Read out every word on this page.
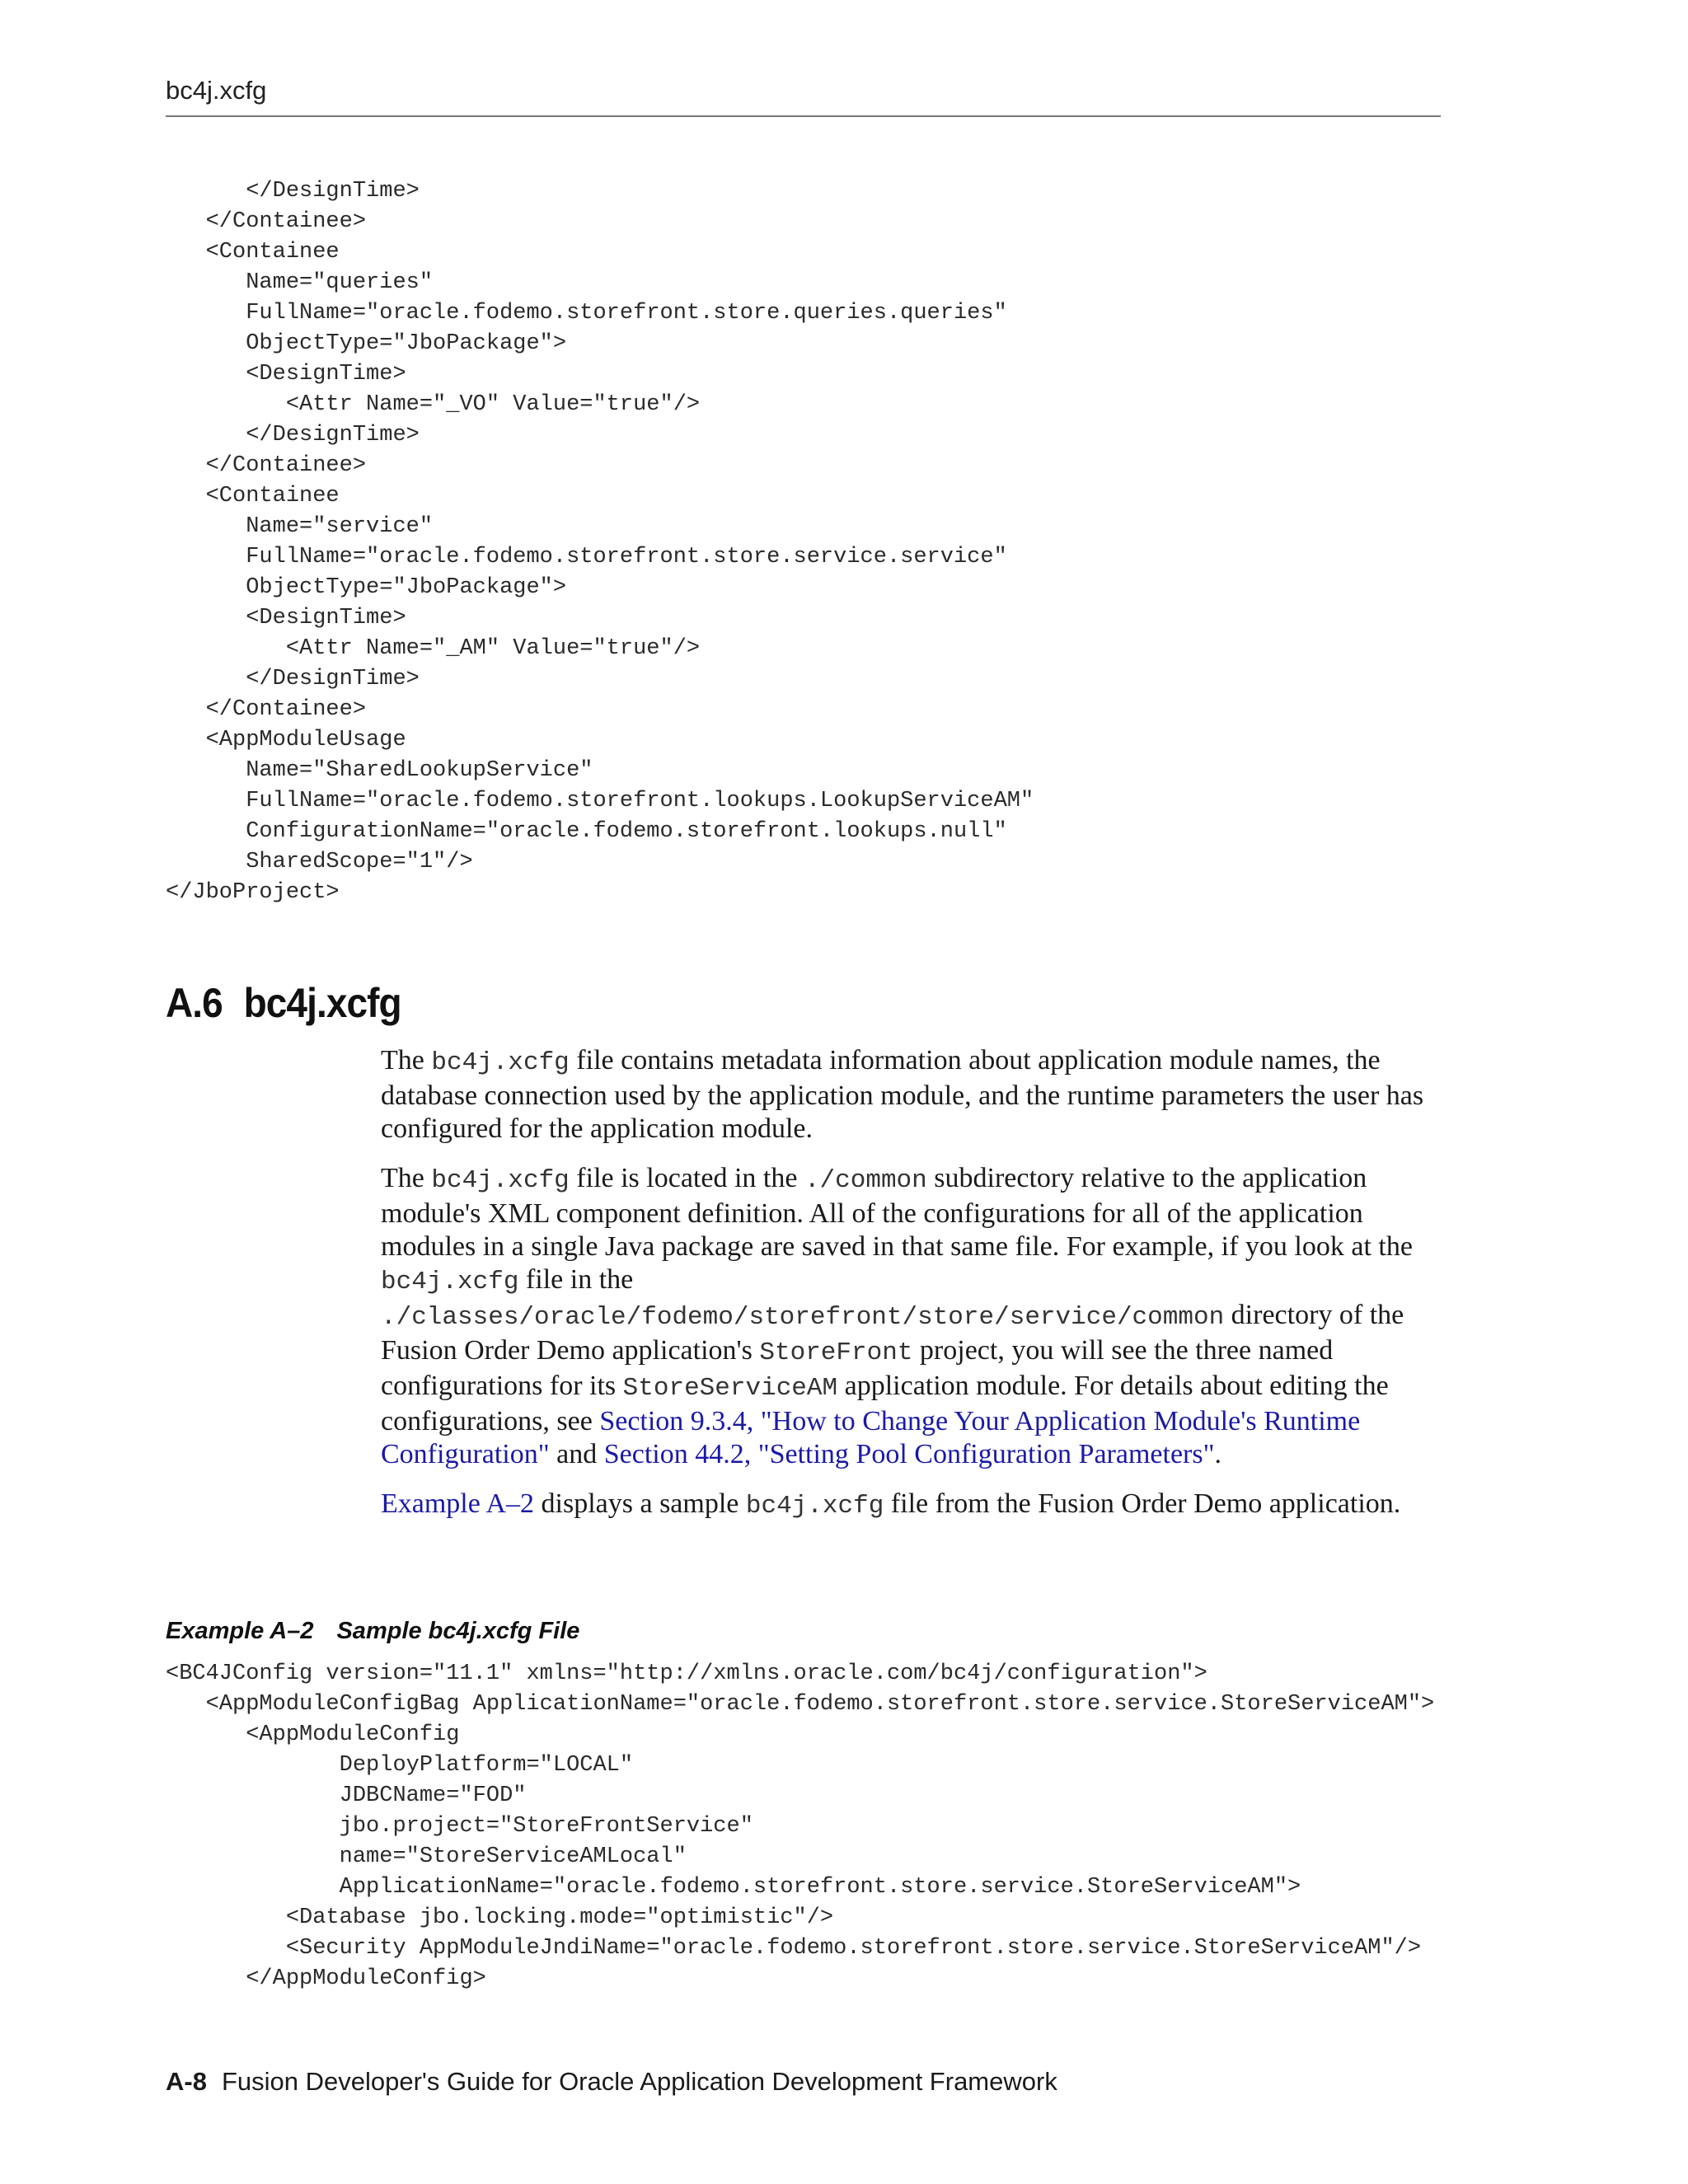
bc4j.xcfg
</DesignTime>
</Containee>
<Containee
Name="queries"
FullName="oracle.fodemo.storefront.store.queries.queries"
ObjectType="JboPackage">
<DesignTime>
<Attr Name="_VO" Value="true"/>
</DesignTime>
</Containee>
<Containee
Name="service"
FullName="oracle.fodemo.storefront.store.service.service"
ObjectType="JboPackage">
<DesignTime>
<Attr Name="_AM" Value="true"/>
</DesignTime>
</Containee>
<AppModuleUsage
Name="SharedLookupService"
FullName="oracle.fodemo.storefront.lookups.LookupServiceAM"
ConfigurationName="oracle.fodemo.storefront.lookups.null"
SharedScope="1"/>
</JboProject>
A.6 bc4j.xcfg

The bc4j.xcfg file contains metadata information about application module names, the database connection used by the application module, and the runtime parameters the user has configured for the application module.

The bc4j.xcfg file is located in the ./common subdirectory relative to the application module's XML component definition. All of the configurations for all of the application modules in a single Java package are saved in that same file. For example, if you look at the bc4j.xcfg file in the ./classes/oracle/fodemo/storefront/store/service/common directory of the Fusion Order Demo application's StoreFront project, you will see the three named configurations for its StoreServiceAM application module. For details about editing the configurations, see Section 9.3.4, "How to Change Your Application Module's Runtime Configuration" and Section 44.2, "Setting Pool Configuration Parameters".

Example A–2 displays a sample bc4j.xcfg file from the Fusion Order Demo application.

Example A–2 Sample bc4j.xcfg File
<BC4JConfig version="11.1" xmlns="http://xmlns.oracle.com/bc4j/configuration">
<AppModuleConfigBag ApplicationName="oracle.fodemo.storefront.store.service.StoreServiceAM">
<AppModuleConfig
DeployPlatform="LOCAL"
JDBCName="FOD"
jbo.project="StoreFrontService"
name="StoreServiceAMLocal"
ApplicationName="oracle.fodemo.storefront.store.service.StoreServiceAM">
<Database jbo.locking.mode="optimistic"/>
<Security AppModuleJndiName="oracle.fodemo.storefront.store.service.StoreServiceAM"/>
</AppModuleConfig>
A-8 Fusion Developer's Guide for Oracle Application Development Framework
